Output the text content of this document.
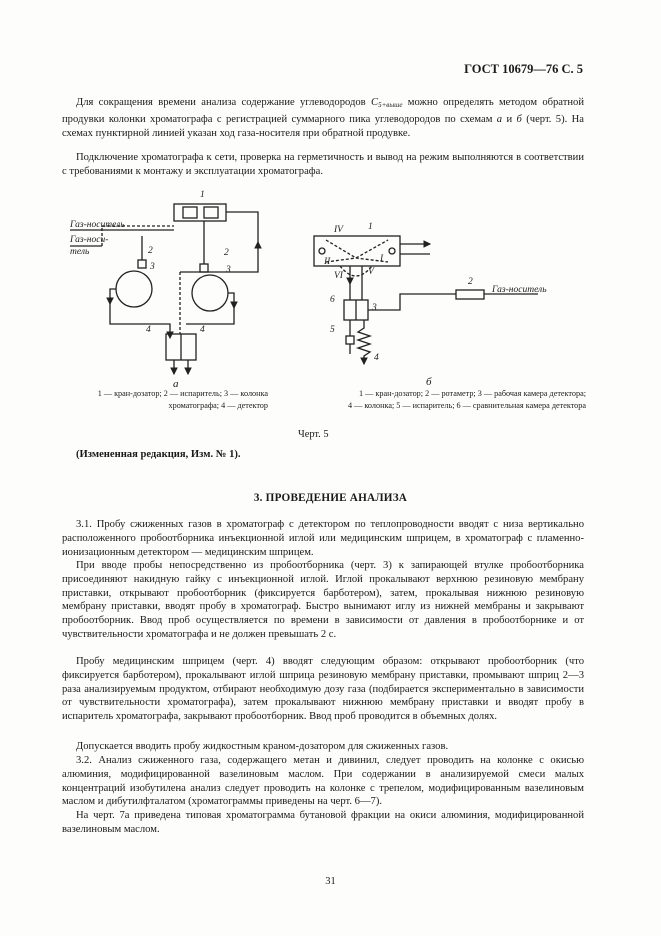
ГОСТ 10679—76 С. 5

Для сокращения времени анализа содержание углеводородов $C_{5+выше}$ можно определять методом обратной продувки колонки хроматографа с регистрацией суммарного пика углеводородов по схемам а и б (черт. 5). На схемах пунктирной линией указан ход газа-носителя при обратной продувке.

Подключение хроматографа к сети, проверка на герметичность и вывод на режим выполняются в соответствии с требованиями к монтажу и эксплуатации хроматографа.

Газ-носитель
Газ-носи-
тель
1
2
3
2
3
4	4
Газ-носитель
1
2
3
4
5
6
IV
I
II
V
VI
а	б
1 — кран-дозатор; 2 — испаритель; 3 — колонка
хроматографа; 4 — детектор
1 — кран-дозатор; 2 — ротаметр; 3 — рабочая камера детектора;
4 — колонка; 5 — испаритель; 6 — сравнительная камера детектора
Черт. 5
(Измененная редакция, Изм. № 1).
3. ПРОВЕДЕНИЕ АНАЛИЗА

3.1. Пробу сжиженных газов в хроматограф с детектором по теплопроводности вводят с низа вертикально расположенного пробоотборника инъекционной иглой или медицинским шприцем, в хроматограф с пламенно-ионизационным детектором — медицинским шприцем.

При вводе пробы непосредственно из пробоотборника (черт. 3) к запирающей втулке пробоотборника присоединяют накидную гайку с инъекционной иглой. Иглой прокалывают верхнюю резиновую мембрану приставки, открывают пробоотборник (фиксируется барботером), затем, прокалывая нижнюю резиновую мембрану приставки, вводят пробу в хроматограф. Быстро вынимают иглу из нижней мембраны и закрывают пробоотборник. Ввод проб осуществляется по времени в зависимости от давления в пробоотборнике и от чувствительности хроматографа и не должен превышать 2 с.

Пробу медицинским шприцем (черт. 4) вводят следующим образом: открывают пробоотборник (что фиксируется барботером), прокалывают иглой шприца резиновую мембрану приставки, промывают шприц 2—3 раза анализируемым продуктом, отбирают необходимую дозу газа (подбирается экспериментально в зависимости от чувствительности хроматографа), затем прокалывают нижнюю мембрану приставки и вводят пробу в испаритель хроматографа, закрывают пробоотборник. Ввод проб проводится в объемных долях.

Допускается вводить пробу жидкостным краном-дозатором для сжиженных газов.

3.2. Анализ сжиженного газа, содержащего метан и дивинил, следует проводить на колонке с окисью алюминия, модифицированной вазелиновым маслом. При содержании в анализируемой смеси малых концентраций изобутилена анализ следует проводить на колонке с трепелом, модифицированным вазелиновым маслом и дибутилфталатом (хроматограммы приведены на черт. 6—7).

На черт. 7а приведена типовая хроматограмма бутановой фракции на окиси алюминия, модифицированной вазелиновым маслом.

31
